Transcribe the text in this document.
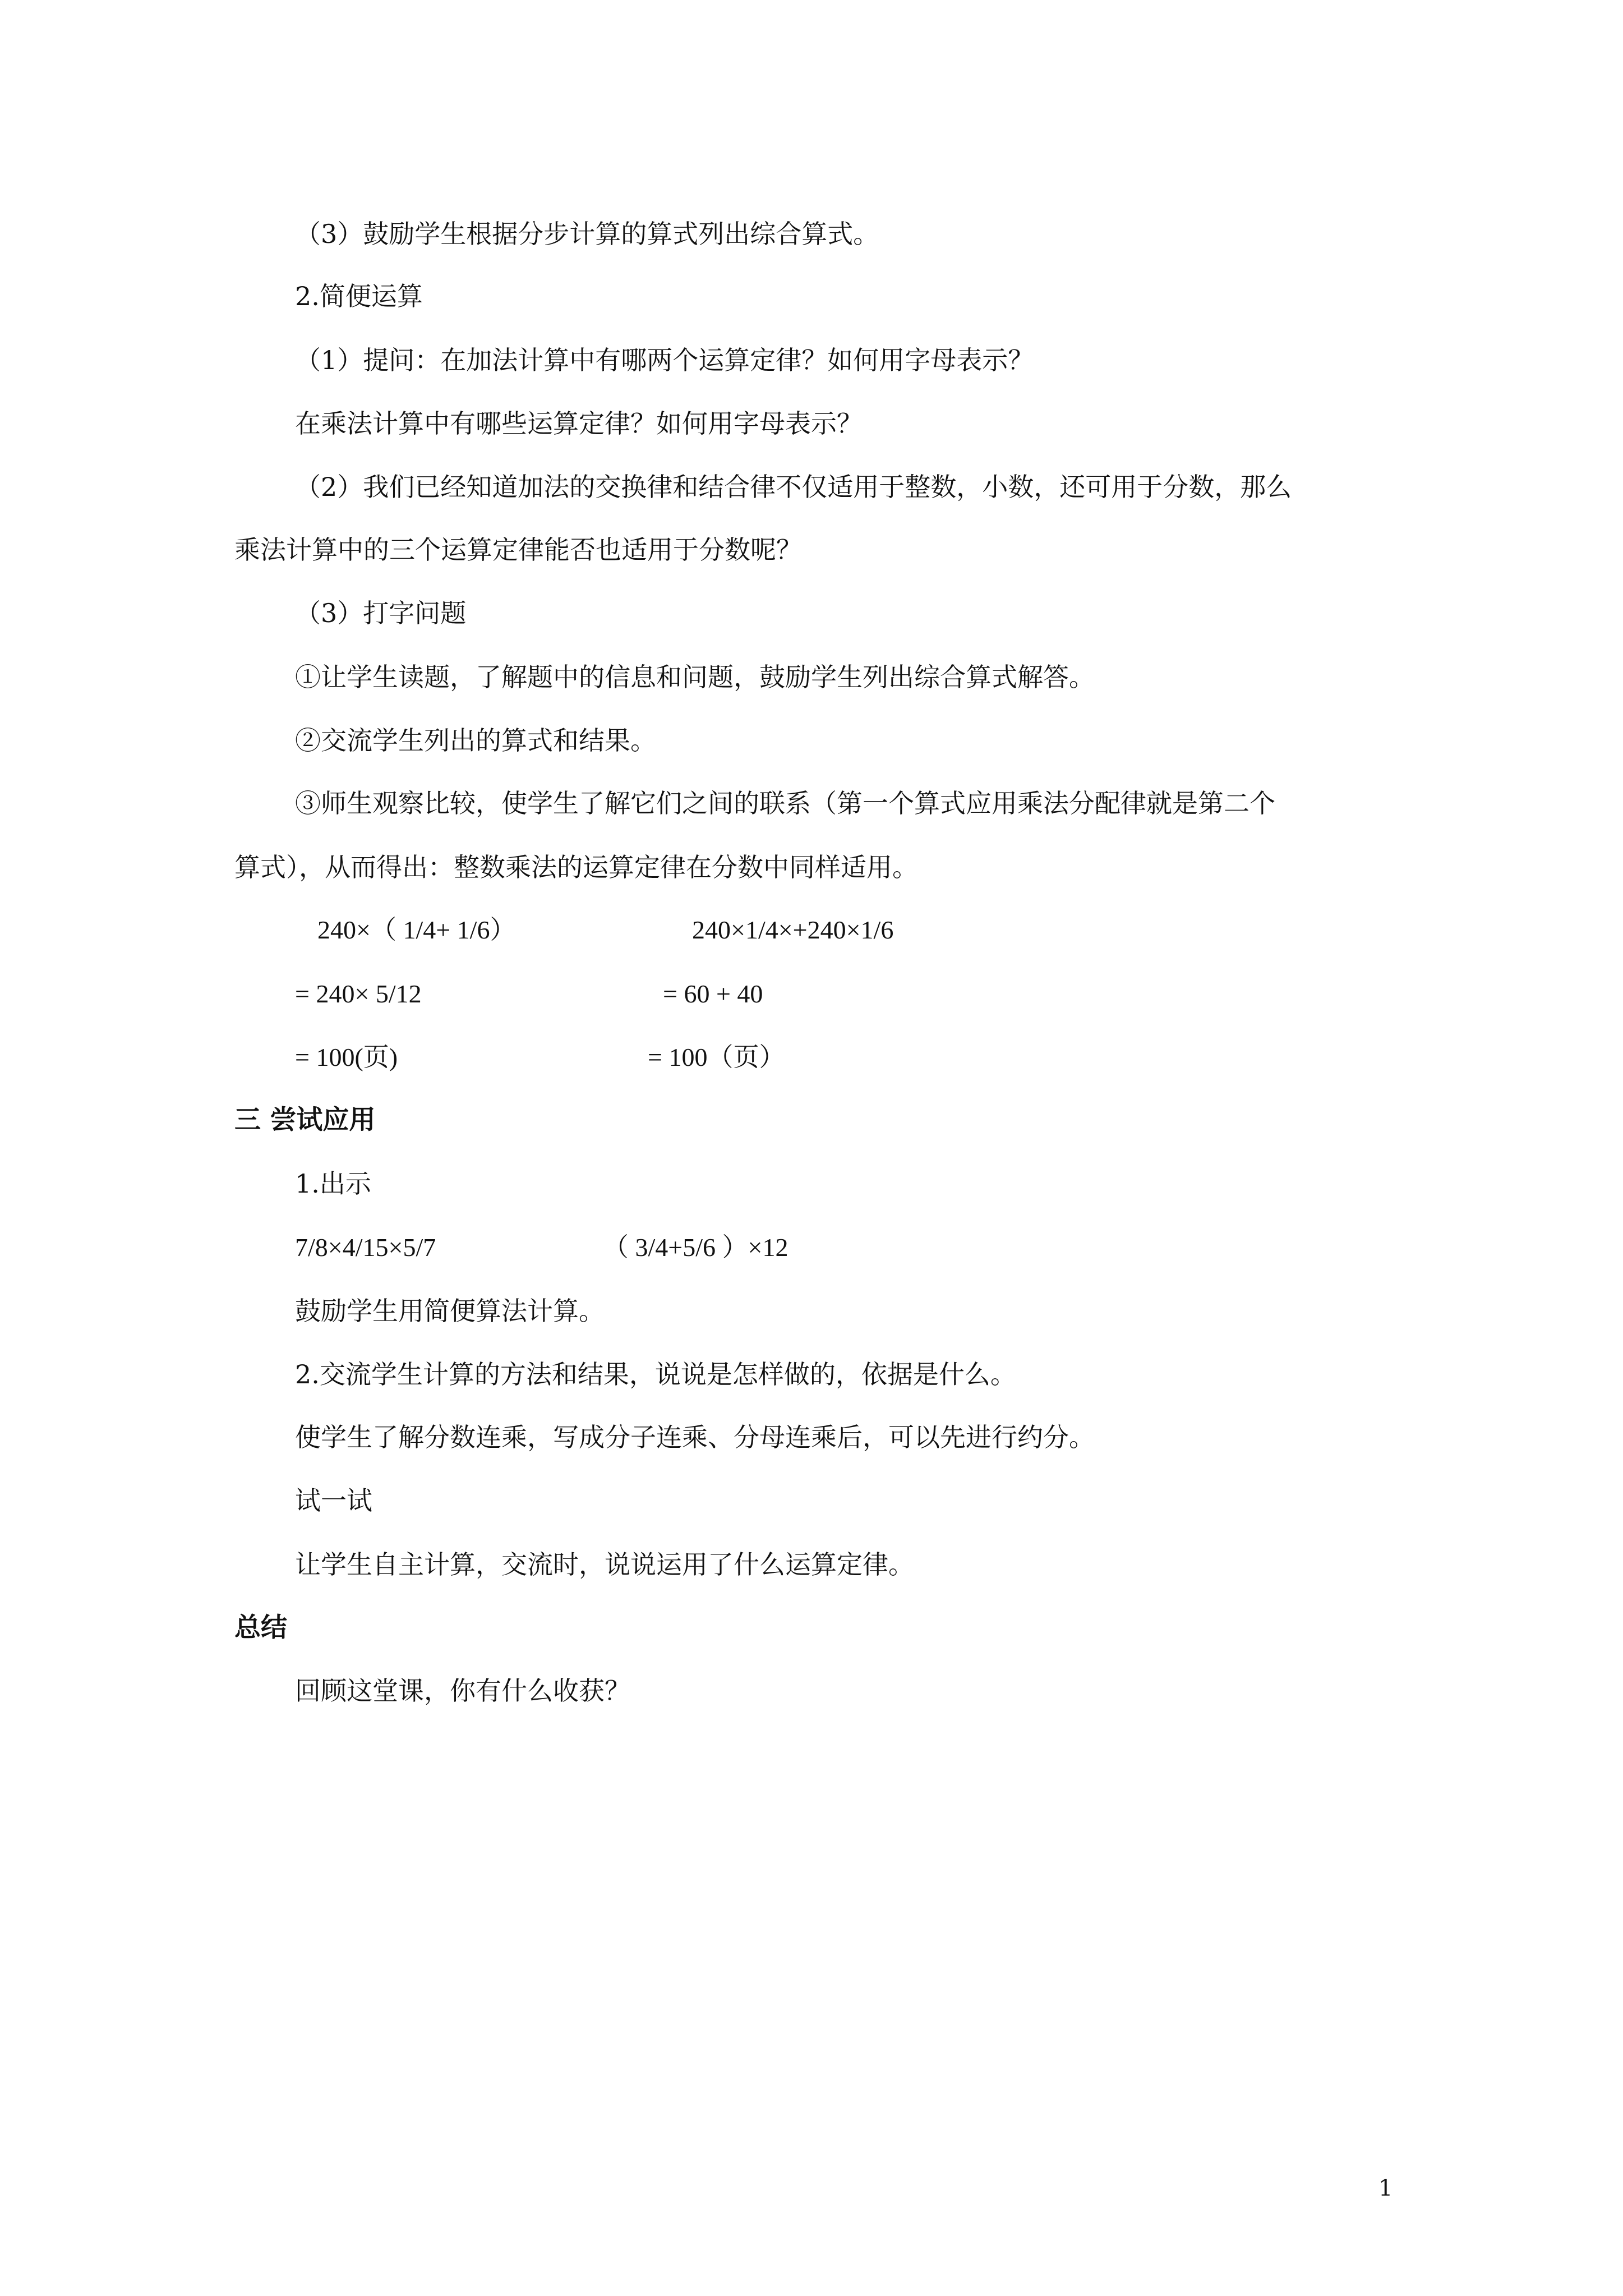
（3）鼓励学生根据分步计算的算式列出综合算式。
2.简便运算
（1）提问：在加法计算中有哪两个运算定律？如何用字母表示？
在乘法计算中有哪些运算定律？如何用字母表示？
（2）我们已经知道加法的交换律和结合律不仅适用于整数，小数，还可用于分数，那么
乘法计算中的三个运算定律能否也适用于分数呢？
（3）打字问题
①让学生读题，了解题中的信息和问题，鼓励学生列出综合算式解答。
②交流学生列出的算式和结果。
③师生观察比较，使学生了解它们之间的联系（第一个算式应用乘法分配律就是第二个
算式），从而得出：整数乘法的运算定律在分数中同样适用。
240×（ 1/4+ 1/6）	240×1/4×+240×1/6
= 240× 5/12	= 60 + 40
= 100(页)	= 100（页）
三 尝试应用
1.出示
7/8×4/15×5/7	（ 3/4+5/6 ）×12
鼓励学生用简便算法计算。
2.交流学生计算的方法和结果，说说是怎样做的，依据是什么。
使学生了解分数连乘，写成分子连乘、分母连乘后，可以先进行约分。
试一试
让学生自主计算，交流时，说说运用了什么运算定律。
总结
回顾这堂课，你有什么收获？
1
